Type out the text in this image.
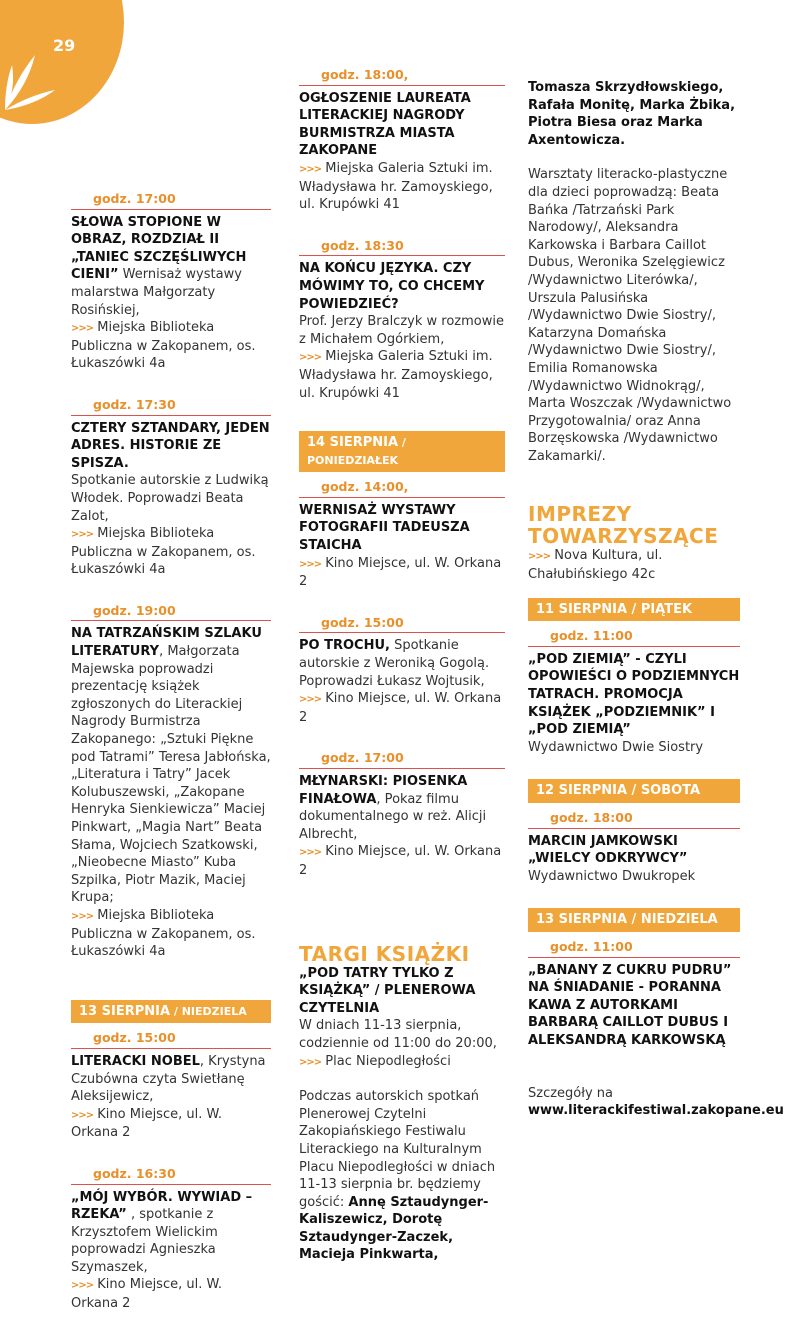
29
godz. 17:00
SŁOWA STOPIONE W OBRAZ, ROZDZIAŁ II „TANIEC SZCZĘŚLIWYCH CIENI” Wernisaż wystawy malarstwa Małgorzaty Rosińskiej,
>>> Miejska Biblioteka Publiczna w Zakopanem, os. Łukaszówki 4a
godz. 17:30
CZTERY SZTANDARY, JEDEN ADRES. HISTORIE ZE SPISZA.
Spotkanie autorskie z Ludwiką Włodek. Poprowadzi Beata Zalot,
>>> Miejska Biblioteka Publiczna w Zakopanem, os. Łukaszówki 4a
godz. 19:00
NA TATRZAŃSKIM SZLAKU LITERATURY, Małgorzata Majewska poprowadzi prezentację książek zgłoszonych do Literackiej Nagrody Burmistrza Zakopanego: „Sztuki Piękne pod Tatrami” Teresa Jabłońska, „Literatura i Tatry” Jacek Kolubuszewski, „Zakopane Henryka Sienkiewicza” Maciej Pinkwart, „Magia Nart” Beata Słama, Wojciech Szatkowski, „Nieobecne Miasto” Kuba Szpilka, Piotr Mazik, Maciej Krupa;
>>> Miejska Biblioteka Publiczna w Zakopanem, os. Łukaszówki 4a
13 SIERPNIA / NIEDZIELA
godz. 15:00
LITERACKI NOBEL, Krystyna Czubówna czyta Swietłanę Aleksijewicz,
>>> Kino Miejsce, ul. W. Orkana 2
godz. 16:30
„MÓJ WYBÓR. WYWIAD – RZEKA” , spotkanie z Krzysztofem Wielickim poprowadzi Agnieszka Szymaszek,
>>> Kino Miejsce, ul. W. Orkana 2
godz. 18:00,
OGŁOSZENIE LAUREATA LITERACKIEJ NAGRODY BURMISTRZA MIASTA ZAKOPANE
>>> Miejska Galeria Sztuki im. Władysława hr. Zamoyskiego, ul. Krupówki 41
godz. 18:30
NA KOŃCU JĘZYKA. CZY MÓWIMY TO, CO CHCEMY POWIEDZIEĆ?
Prof. Jerzy Bralczyk w rozmowie z Michałem Ogórkiem,
>>> Miejska Galeria Sztuki im. Władysława hr. Zamoyskiego, ul. Krupówki 41
14 SIERPNIA / PONIEDZIAŁEK
godz. 14:00,
WERNISAŻ WYSTAWY FOTOGRAFII TADEUSZA STAICHA
>>> Kino Miejsce, ul. W. Orkana 2
godz. 15:00
PO TROCHU, Spotkanie autorskie z Weroniką Gogolą. Poprowadzi Łukasz Wojtusik,
>>> Kino Miejsce, ul. W. Orkana 2
godz. 17:00
MŁYNARSKI: PIOSENKA FINAŁOWA, Pokaz filmu dokumentalnego w reż. Alicji Albrecht,
>>> Kino Miejsce, ul. W. Orkana 2
TARGI KSIĄŻKI
„POD TATRY TYLKO Z KSIĄŻKĄ” / PLENEROWA CZYTELNIA
W dniach 11-13 sierpnia, codziennie od 11:00 do 20:00,
>>> Plac Niepodległości
Podczas autorskich spotkań Plenerowej Czytelni Zakopiańskiego Festiwalu Literackiego na Kulturalnym Placu Niepodległości w dniach 11-13 sierpnia br. będziemy gościć: Annę Sztaudynger-Kaliszewicz, Dorotę Sztaudynger-Zaczek, Macieja Pinkwarta,
Tomasza Skrzydłowskiego, Rafała Monitę, Marka Żbika, Piotra Biesa oraz Marka Axentowicza.
Warsztaty literacko-plastyczne dla dzieci poprowadzą: Beata Bańka /Tatrzański Park Narodowy/, Aleksandra Karkowska i Barbara Caillot Dubus, Weronika Szelęgiewicz /Wydawnictwo Literówka/, Urszula Palusińska /Wydawnictwo Dwie Siostry/, Katarzyna Domańska /Wydawnictwo Dwie Siostry/, Emilia Romanowska /Wydawnictwo Widnokrąg/, Marta Woszczak /Wydawnictwo Przygotowalnia/ oraz Anna Borzęskowska /Wydawnictwo Zakamarki/.
IMPREZY TOWARZYSZĄCE
>>> Nova Kultura, ul. Chałubińskiego 42c
11 SIERPNIA / PIĄTEK
godz. 11:00
„POD ZIEMIĄ” - CZYLI OPOWIEŚCI O PODZIEMNYCH TATRACH. PROMOCJA KSIĄŻEK „PODZIEMNIK” I „POD ZIEMIĄ”
Wydawnictwo Dwie Siostry
12 SIERPNIA / SOBOTA
godz. 18:00
MARCIN JAMKOWSKI „WIELCY ODKRYWCY”
Wydawnictwo Dwukropek
13 SIERPNIA / NIEDZIELA
godz. 11:00
„BANANY Z CUKRU PUDRU” NA ŚNIADANIE - PORANNA KAWA Z AUTORKAMI BARBARĄ CAILLOT DUBUS I ALEKSANDRĄ KARKOWSKĄ
Szczegóły na
www.literackifestiwal.zakopane.eu
